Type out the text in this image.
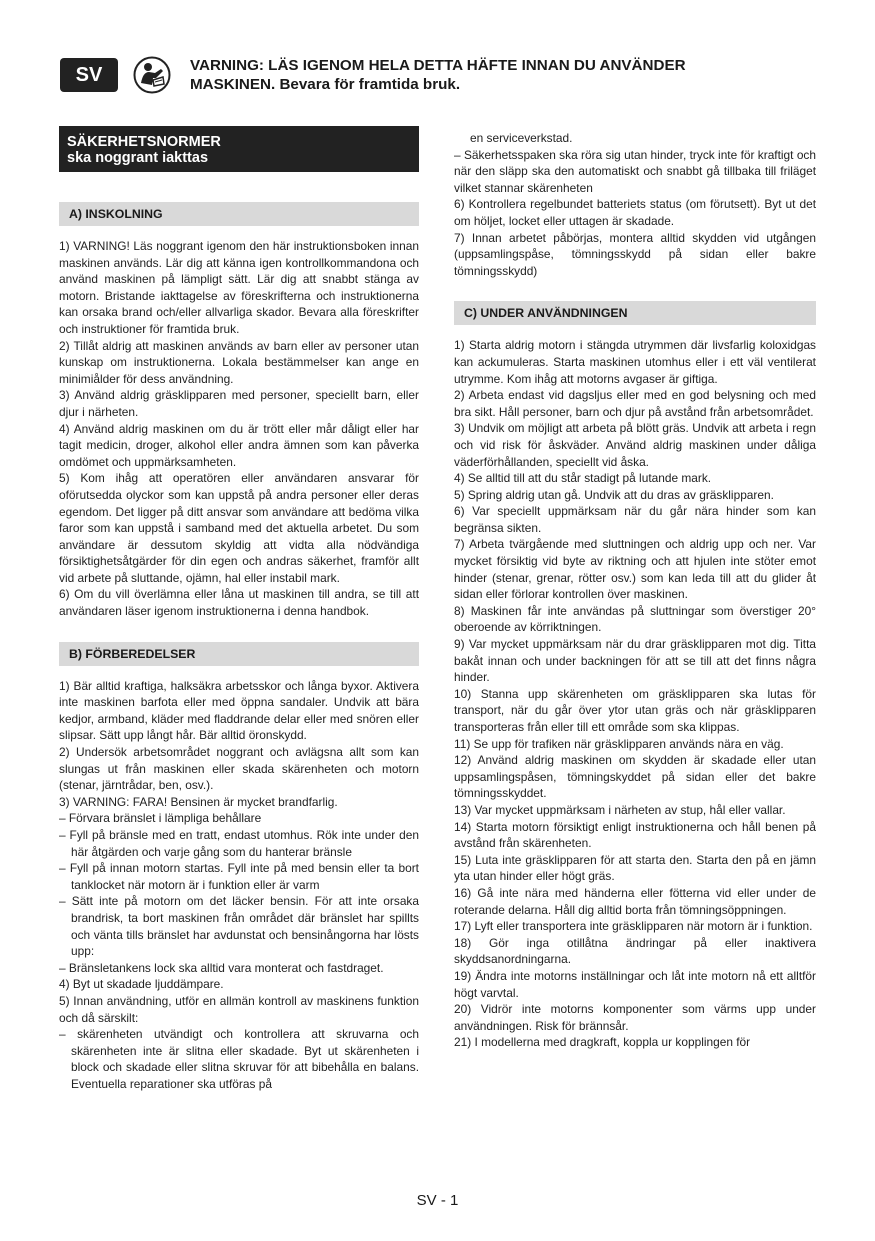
SV	VARNING: LÄS IGENOM HELA DETTA HÄFTE INNAN DU ANVÄNDER
MASKINEN. Bevara för framtida bruk.
SÄKERHETSNORMER
ska noggrant iakttas
A) INSKOLNING

1) VARNING! Läs noggrant igenom den här instruktionsboken innan maskinen används. Lär dig att känna igen kontrollkommandona och använd maskinen på lämpligt sätt. Lär dig att snabbt stänga av motorn. Bristande iakttagelse av föreskrifterna och instruktionerna kan orsaka brand och/eller allvarliga skador. Bevara alla föreskrifter och instruktioner för framtida bruk.

2) Tillåt aldrig att maskinen används av barn eller av personer utan kunskap om instruktionerna. Lokala bestämmelser kan ange en minimiålder för dess användning.

3) Använd aldrig gräsklipparen med personer, speciellt barn, eller djur i närheten.

4) Använd aldrig maskinen om du är trött eller mår dåligt eller har tagit medicin, droger, alkohol eller andra ämnen som kan påverka omdömet och uppmärksamheten.

5) Kom ihåg att operatören eller användaren ansvarar för oförutsedda olyckor som kan uppstå på andra personer eller deras egendom. Det ligger på ditt ansvar som användare att bedöma vilka faror som kan uppstå i samband med det aktuella arbetet. Du som användare är dessutom skyldig att vidta alla nödvändiga försiktighetsåtgärder för din egen och andras säkerhet, framför allt vid arbete på sluttande, ojämn, hal eller instabil mark.

6) Om du vill överlämna eller låna ut maskinen till andra, se till att användaren läser igenom instruktionerna i denna handbok.

B) FÖRBEREDELSER

1) Bär alltid kraftiga, halksäkra arbetsskor och långa byxor. Aktivera inte maskinen barfota eller med öppna sandaler. Undvik att bära kedjor, armband, kläder med fladdrande delar eller med snören eller slipsar. Sätt upp långt hår. Bär alltid öronskydd.

2) Undersök arbetsområdet noggrant och avlägsna allt som kan slungas ut från maskinen eller skada skärenheten och motorn (stenar, järntrådar, ben, osv.).

3) VARNING: FARA! Bensinen är mycket brandfarlig.

– Förvara bränslet i lämpliga behållare

– Fyll på bränsle med en tratt, endast utomhus. Rök inte under den här åtgärden och varje gång som du hanterar bränsle

– Fyll på innan motorn startas. Fyll inte på med bensin eller ta bort tanklocket när motorn är i funktion eller är varm

– Sätt inte på motorn om det läcker bensin. För att inte orsaka brandrisk, ta bort maskinen från området där bränslet har spillts och vänta tills bränslet har avdunstat och bensinångorna har lösts upp:

– Bränsletankens lock ska alltid vara monterat och fastdraget.

4) Byt ut skadade ljuddämpare.

5) Innan användning, utför en allmän kontroll av maskinens funktion och då särskilt:

– skärenheten utvändigt och kontrollera att skruvarna och skärenheten inte är slitna eller skadade. Byt ut skärenheten i block och skadade eller slitna skruvar för att bibehålla en balans. Eventuella reparationer ska utföras på

en serviceverkstad.

– Säkerhetsspaken ska röra sig utan hinder, tryck inte för kraftigt och när den släpp ska den automatiskt och snabbt gå tillbaka till friläget vilket stannar skärenheten

6) Kontrollera regelbundet batteriets status (om förutsett). Byt ut det om höljet, locket eller uttagen är skadade.

7) Innan arbetet påbörjas, montera alltid skydden vid utgången (uppsamlingspåse, tömningsskydd på sidan eller bakre tömningsskydd)

C) UNDER ANVÄNDNINGEN

1) Starta aldrig motorn i stängda utrymmen där livsfarlig koloxidgas kan ackumuleras. Starta maskinen utomhus eller i ett väl ventilerat utrymme. Kom ihåg att motorns avgaser är giftiga.

2) Arbeta endast vid dagsljus eller med en god belysning och med bra sikt. Håll personer, barn och djur på avstånd från arbetsområdet.

3) Undvik om möjligt att arbeta på blött gräs. Undvik att arbeta i regn och vid risk för åskväder. Använd aldrig maskinen under dåliga väderförhållanden, speciellt vid åska.

4) Se alltid till att du står stadigt på lutande mark.

5) Spring aldrig utan gå. Undvik att du dras av gräsklipparen.

6) Var speciellt uppmärksam när du går nära hinder som kan begränsa sikten.

7) Arbeta tvärgående med sluttningen och aldrig upp och ner. Var mycket försiktig vid byte av riktning och att hjulen inte stöter emot hinder (stenar, grenar, rötter osv.) som kan leda till att du glider åt sidan eller förlorar kontrollen över maskinen.

8) Maskinen får inte användas på sluttningar som överstiger 20° oberoende av körriktningen.

9) Var mycket uppmärksam när du drar gräsklipparen mot dig. Titta bakåt innan och under backningen för att se till att det finns några hinder.

10) Stanna upp skärenheten om gräsklipparen ska lutas för transport, när du går över ytor utan gräs och när gräsklipparen transporteras från eller till ett område som ska klippas.

11) Se upp för trafiken när gräsklipparen används nära en väg.

12) Använd aldrig maskinen om skydden är skadade eller utan uppsamlingspåsen, tömningskyddet på sidan eller det bakre tömningsskyddet.

13) Var mycket uppmärksam i närheten av stup, hål eller vallar.

14) Starta motorn försiktigt enligt instruktionerna och håll benen på avstånd från skärenheten.

15) Luta inte gräsklipparen för att starta den. Starta den på en jämn yta utan hinder eller högt gräs.

16) Gå inte nära med händerna eller fötterna vid eller under de roterande delarna. Håll dig alltid borta från tömningsöppningen.

17) Lyft eller transportera inte gräsklipparen när motorn är i funktion.

18) Gör inga otillåtna ändringar på eller inaktivera skyddsanordningarna.

19) Ändra inte motorns inställningar och låt inte motorn nå ett alltför högt varvtal.

20) Vidrör inte motorns komponenter som värms upp under användningen. Risk för brännsår.

21) I modellerna med dragkraft, koppla ur kopplingen för

SV - 1
